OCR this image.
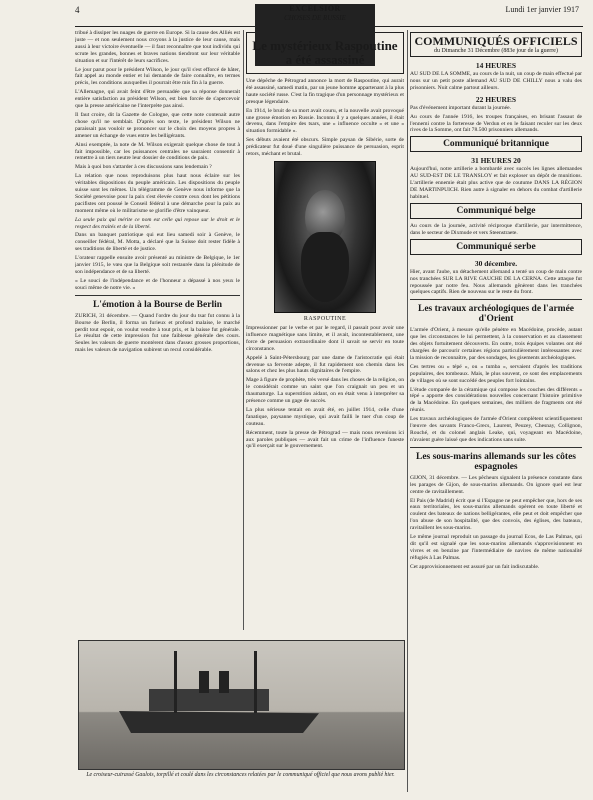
4	EXCELSIOR
CHOSES DE RUSSIE
Lundi 1er janvier 1917

tribué à dissiper les nuages de guerre en Europe. Si la cause des Alliés est juste — et non seulement nous croyons à la justice de leur cause, mais aussi à leur victoire éventuelle — il faut reconnaître que tout individu qui scrute les grandes, bonnes et braves nations tiendront sur leur véritable situation et sur l'intérêt de leurs sacrifices.

Le jour parut pour le président Wilson, le jour qu'il s'est efforcé de hâter, fait appel au monde entier et lui demande de faire connaître, en termes précis, les conditions auxquelles il pourrait être mis fin à la guerre.

L'Allemagne, qui avait feint d'être persuadée que sa réponse donnerait entière satisfaction au président Wilson, est bien forcée de s'apercevoir que la presse américaine ne l'interprète pas ainsi.

Il faut croire, dit la Gazette de Cologne, que cette note contenait autre chose qu'il ne semblait. D'après son texte, le président Wilson ne paraissait pas vouloir se prononcer sur le choix des moyens propres à amener un échange de vues entre les belligérants.

Ainsi exemptée, la note de M. Wilson exigerait quelque chose de tout à fait impossible, car les puissances centrales ne sauraient consentir à remettre à un tiers neutre leur dossier de conditions de paix.

Mais à quoi bon s'attarder à ces discussions sans lendemain ?

La relation que nous reproduisons plus haut nous éclaire sur les véritables dispositions du peuple américain. Les dispositions du peuple suisse sont les mêmes. Un télégramme de Genève nous informe que la Société genevoise pour la paix s'est élevée contre ceux dont les pétitions pacifistes ont poussé le Conseil fédéral à une démarche pour la paix au moment même où le militarisme se glorifie d'être vainqueur.

La seule paix qui mérite ce nom est celle qui repose sur le droit et le respect des traités et de la liberté.

Dans un banquet patriotique qui eut lieu samedi soir à Genève, le conseiller fédéral, M. Motta, a déclaré que la Suisse doit rester fidèle à ses traditions de liberté et de justice.

L'orateur rappelle ensuite avoir présenté au ministre de Belgique, le 1er janvier 1915, le vœu que la Belgique soit restaurée dans la plénitude de son indépendance et de sa liberté.

« Le souci de l'indépendance et de l'honneur a dépassé à nos yeux le souci même de notre vie. »

L'émotion à la Bourse de Berlin

ZURICH, 31 décembre. — Quand l'ordre du jour du tsar fut connu à la Bourse de Berlin, il forma un furieux et profond malaise, le marché perdit tout espoir, on voulut vendre à tout prix, et la baisse fut générale. Le résultat de cette impression fut une faiblesse générale des cours. Seules les valeurs de guerre montèrent dans d'assez grosses proportions, mais les valeurs de navigation subirent un recul considérable.

Le mystérieux Raspoutine a été assassiné

Une dépêche de Pétrograd annonce la mort de Raspoutine, qui aurait été assassiné, samedi matin, par un jeune homme appartenant à la plus haute société russe. C'est la fin tragique d'un personnage mystérieux et presque légendaire.

En 1914, le bruit de sa mort avait couru, et la nouvelle avait provoqué une grosse émotion en Russie. Inconnu il y a quelques années, il était devenu, dans l'empire des tsars, une « influence occulte » et une « situation formidable ».

Ses débuts avaient été obscurs. Simple paysan de Sibérie, sorte de prédicateur fut doué d'une singulière puissance de persuasion, esprit retors, méchant et brutal.

RASPOUTINE

Impressionner par le verbe et par le regard, il passait pour avoir une influence magnétique sans limite, et il avait, incontestablement, une force de persuasion extraordinaire dont il savait se servir en toute circonstance.

Appelé à Saint-Pétersbourg par une dame de l'aristocratie qui était devenue sa fervente adepte, il fut rapidement son chemin dans les salons et chez les plus hauts dignitaires de l'empire.

Mage à figure de prophète, très versé dans les choses de la religion, on le considérait comme un saint que l'on craignait un peu et un thaumaturge. La superstition aidant, on en était venu à interpréter sa présence comme un gage de succès.

La plus sérieuse tentait en avait été, en juillet 1914, celle d'une fanatique, paysanne mystique, qui avait failli le tuer d'un coup de couteau.

Récemment, toute la presse de Pétrograd — mais nous revenions ici aux paroles publiques — avait fait un crime de l'influence funeste qu'il exerçait sur le gouvernement.

COMMUNIQUÉS OFFICIELS
du Dimanche 31 Décembre (883e jour de la guerre)
14 HEURES

AU SUD DE LA SOMME, au cours de la nuit, un coup de main effectué par nous sur un petit poste allemand AU SUD DE CHILLY nous a valu des prisonniers. Nuit calme partout ailleurs.

22 HEURES

Pas d'événement important durant la journée.

Au cours de l'année 1916, les troupes françaises, en brisant l'assaut de l'ennemi contre la forteresse de Verdun et en le faisant reculer sur les deux rives de la Somme, ont fait 78.500 prisonniers allemands.

Communiqué britannique
31 HEURES 20

Aujourd'hui, notre artillerie a bombardé avec succès les lignes allemandes AU SUD-EST DE LE TRANSLOY et fait exploser un dépôt de munitions. L'artillerie ennemie était plus active que de coutume DANS LA RÉGION DE MARTINPUICH. Rien autre à signaler en dehors du combat d'artillerie habituel.

Communiqué belge

Au cours de la journée, activité réciproque d'artillerie, par intermittence, dans le secteur de Dixmude et vers Steenstraete.

Communiqué serbe
30 décembre.

Hier, avant l'aube, un détachement allemand a tenté un coup de main contre nos tranchées SUR LA RIVE GAUCHE DE LA CERNA. Cette attaque fut repoussée par notre feu. Nous allemands gênèrent dans les tranchées quelques captifs. Rien de nouveau sur le reste du front.

Les travaux archéologiques de l'armée d'Orient

L'armée d'Orient, à mesure qu'elle pénètre en Macédoine, procède, autant que les circonstances le lui permettent, à la conservation et au classement des objets fortuitement découverts. En outre, trois équipes volantes ont été chargées de parcourir certaines régions particulièrement intéressantes avec la mission de reconnaître, par des sondages, les gisements archéologiques.

Ces tertres ou « tépé », ou « tumba », servaient d'après les traditions populaires, des tombeaux. Mais, le plus souvent, ce sont des emplacements de villages où se sont succédé des peuples fort lointains.

L'étude comparée de la céramique qui compose les couches des différents « tépé » apporte des considérations nouvelles concernant l'histoire primitive de la Macédoine. En quelques semaines, des milliers de fragments ont été réunis.

Les travaux archéologiques de l'armée d'Orient complètent scientifiquement l'œuvre des savants Franco-Grecs, Laurent, Peuzey, Chesnay, Collignon, Rouché, et du colonel anglais Leake, qui, voyageant en Macédoine, n'avaient guère laissé que des indications sans suite.

Les sous-marins allemands sur les côtes espagnoles

GIJON, 31 décembre. — Les pêcheurs signalent la présence constante dans les parages de Gijon, de sous-marins allemands. On ignore quel est leur centre de ravitaillement.

El Pais (de Madrid) écrit que si l'Espagne ne peut empêcher que, hors de ses eaux territoriales, les sous-marins allemands opèrent en toute liberté et coulent des bateaux de nations belligérantes, elle peut et doit empêcher que l'on abuse de son hospitalité, que des convois, des églises, des bateaux, ravitaillent les sous-marins.

Le même journal reproduit un passage du journal Ecos, de Las Palmas, qui dit qu'il est signalé que les sous-marins allemands s'approvisionnent en vivres et en benzine par l'intermédiaire de navires de même nationalité réfugiés à Las Palmas.

Cet approvisionnement est assuré par un fait indiscutable.

Le croiseur-cuirassé Gaulois, torpillé et coulé dans les circonstances relatées par le communiqué officiel que nous avons publié hier.
